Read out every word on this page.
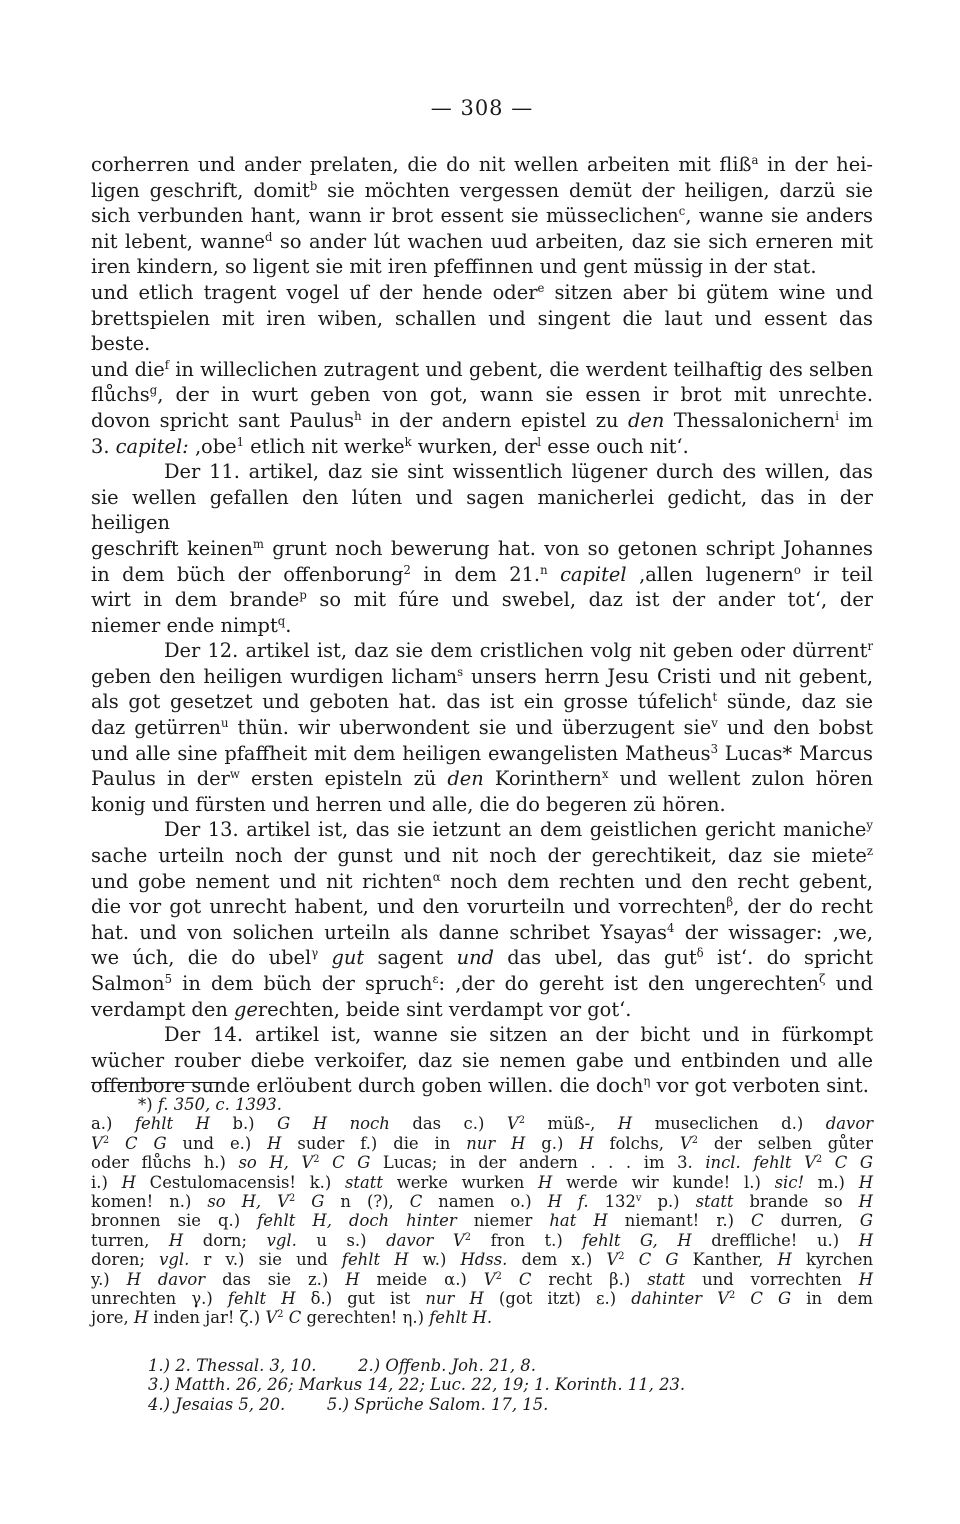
— 308 —

corherren und ander prelaten, die do nit wellen arbeiten mit fliß$^a$ in der hei-

ligen geschrift, domit$^b$ sie möchten vergessen demüt der heiligen, darzü sie

sich verbunden hant, wann ir brot essent sie müsseclichen$^c$, wanne sie anders

nit lebent, wanne$^d$ so ander lút wachen uud arbeiten, daz sie sich erneren mit

iren kindern, so ligent sie mit iren pfeffinnen und gent müssig in der stat.

und etlich tragent vogel uf der hende oder$^e$ sitzen aber bi gütem wine und

brettspielen mit iren wiben, schallen und singent die laut und essent das beste.

und die$^f$ in willeclichen zutragent und gebent, die werdent teilhaftig des selben

flůchs$^g$, der in wurt geben von got, wann sie essen ir brot mit unrechte.

dovon spricht sant Paulus$^h$ in der andern epistel zu den Thessalonichern$^i$ im

3. capitel: ‚obe$^1$ etlich nit werke$^k$ wurken, der$^l$ esse ouch nit‘.

Der 11. artikel, daz sie sint wissentlich lügener durch des willen, das

sie wellen gefallen den lúten und sagen manicherlei gedicht, das in der heiligen

geschrift keinen$^m$ grunt noch bewerung hat. von so getonen schript Johannes

in dem büch der offenborung$^2$ in dem 21.$^n$ capitel ‚allen lugenern$^o$ ir teil

wirt in dem brande$^p$ so mit fúre und swebel, daz ist der ander tot‘, der

niemer ende nimpt$^q$.

Der 12. artikel ist, daz sie dem cristlichen volg nit geben oder dürrent$^r$

geben den heiligen wurdigen licham$^s$ unsers herrn Jesu Cristi und nit gebent,

als got gesetzet und geboten hat. das ist ein grosse túfelich$^t$ sünde, daz sie

daz getürren$^u$ thün. wir uberwondent sie und überzugent sie$^v$ und den bobst

und alle sine pfaffheit mit dem heiligen ewangelisten Matheus$^3$ Lucas* Marcus

Paulus in der$^w$ ersten episteln zü den Korinthern$^x$ und wellent zulon hören

konig und fürsten und herren und alle, die do begeren zü hören.

Der 13. artikel ist, das sie ietzunt an dem geistlichen gericht maniche$^y$

sache urteiln noch der gunst und nit noch der gerechtikeit, daz sie miete$^z$

und gobe nement und nit richten$^\alpha$ noch dem rechten und den recht gebent,

die vor got unrecht habent, und den vorurteiln und vorrechten$^\beta$, der do recht

hat. und von solichen urteiln als danne schribet Ysayas$^4$ der wissager: ‚we,

we úch, die do ubel$^\gamma$ gut sagent und das ubel, das gut$^\delta$ ist‘. do spricht

Salmon$^5$ in dem büch der spruch$^\varepsilon$: ‚der do gereht ist den ungerechten$^\zeta$ und

verdampt den gerechten, beide sint verdampt vor got‘.

Der 14. artikel ist, wanne sie sitzen an der bicht und in fürkompt

wücher rouber diebe verkoifer, daz sie nemen gabe und entbinden und alle

offenbore sunde erlöubent durch goben willen. die doch$^\eta$ vor got verboten sint.

*) f. 350, c. 1393.

a.) fehlt H b.) G H noch das c.) $V^2$ müß-, H museclichen d.) davor

$V^2$ C G und e.) H suder f.) die in nur H g.) H folchs, $V^2$ der selben gůter

oder flůchs h.) so H, $V^2$ C G Lucas; in der andern . . . im 3. incl. fehlt $V^2$ C G

i.) H Cestulomacensis! k.) statt werke wurken H werde wir kunde! l.) sic! m.) H

komen! n.) so H, $V^2$ G n (?), C namen o.) H f. 132$^v$ p.) statt brande so H

bronnen sie q.) fehlt H, doch hinter niemer hat H niemant! r.) C durren, G

turren, H dorn; vgl. u s.) davor $V^2$ fron t.) fehlt G, H dreffliche! u.) H

doren; vgl. r v.) sie und fehlt H w.) Hdss. dem x.) $V^2$ C G Kanther, H kyrchen

y.) H davor das sie z.) H meide α.) $V^2$ C recht β.) statt und vorrechten H

unrechten γ.) fehlt H δ.) gut ist nur H (got itzt) ε.) dahinter $V^2$ C G in dem

jore, H inden jar! ζ.) $V^2$ C gerechten! η.) fehlt H.

1.) 2. Thessal. 3, 10.        2.) Offenb. Joh. 21, 8.

3.) Matth. 26, 26; Markus 14, 22; Luc. 22, 19; 1. Korinth. 11, 23.

4.) Jesaias 5, 20.        5.) Sprüche Salom. 17, 15.
